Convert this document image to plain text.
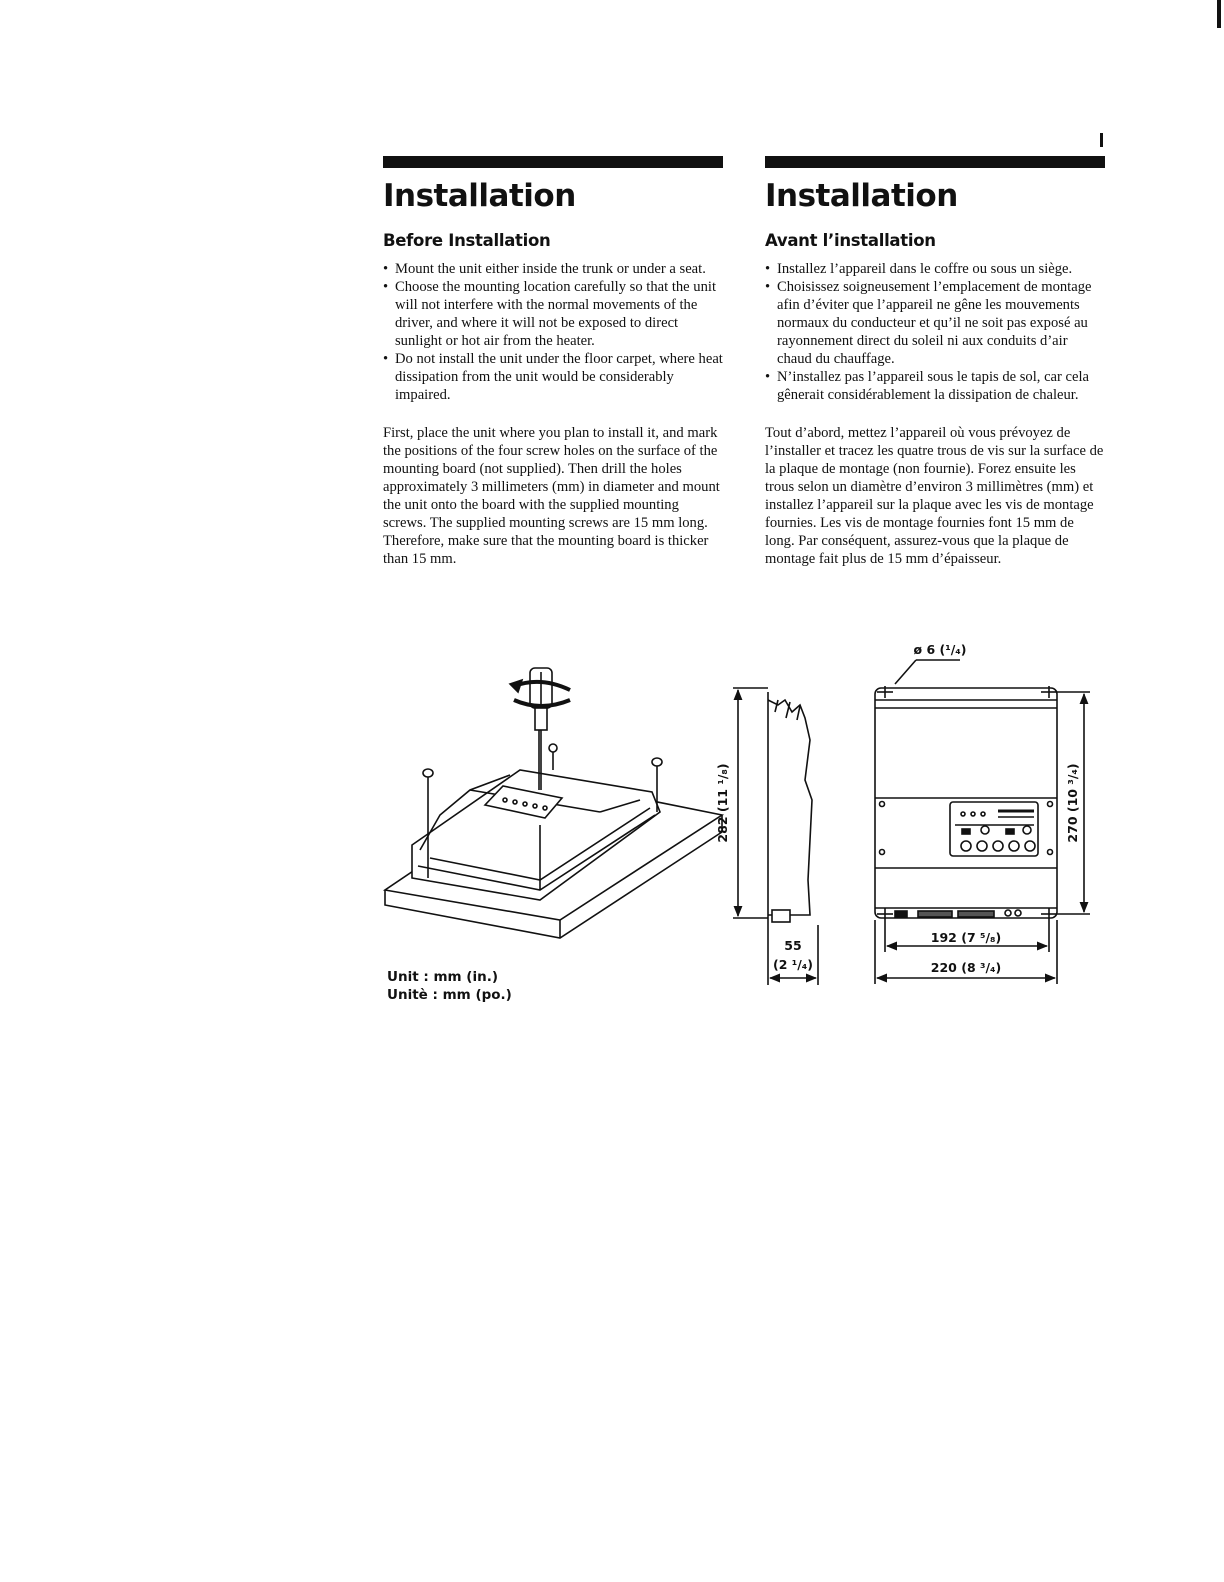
Installation
Before Installation
• Mount the unit either inside the trunk or under a seat.
• Choose the mounting location carefully so that the unit will not interfere with the normal movements of the driver, and where it will not be exposed to direct sunlight or hot air from the heater.
• Do not install the unit under the floor carpet, where heat dissipation from the unit would be considerably impaired.

First, place the unit where you plan to install it, and mark the positions of the four screw holes on the surface of the mounting board (not supplied). Then drill the holes approximately 3 millimeters (mm) in diameter and mount the unit onto the board with the supplied mounting screws. The supplied mounting screws are 15 mm long. Therefore, make sure that the mounting board is thicker than 15 mm.

Installation
Avant l’installation
• Installez l’appareil dans le coffre ou sous un siège.
• Choisissez soigneusement l’emplacement de montage afin d’éviter que l’appareil ne gêne les mouvements normaux du conducteur et qu’il ne soit pas exposé au rayonnement direct du soleil ni aux conduits d’air chaud du chauffage.
• N’installez pas l’appareil sous le tapis de sol, car cela gênerait considérablement la dissipation de chaleur.

Tout d’abord, mettez l’appareil où vous prévoyez de l’installer et tracez les quatre trous de vis sur la surface de la plaque de montage (non fournie). Forez ensuite les trous selon un diamètre d’environ 3 millimètres (mm) et installez l’appareil sur la plaque avec les vis de montage fournies. Les vis de montage fournies font 15 mm de long. Par conséquent, assurez-vous que la plaque de montage fait plus de 15 mm d’épaisseur.

282 (11 ¹/₈)
55
(2 ¹/₄)
ø 6 (¹/₄)
270 (10 ³/₄)
192 (7 ⁵/₈)
220 (8 ³/₄)
Unit : mm (in.)
Unitè : mm (po.)
